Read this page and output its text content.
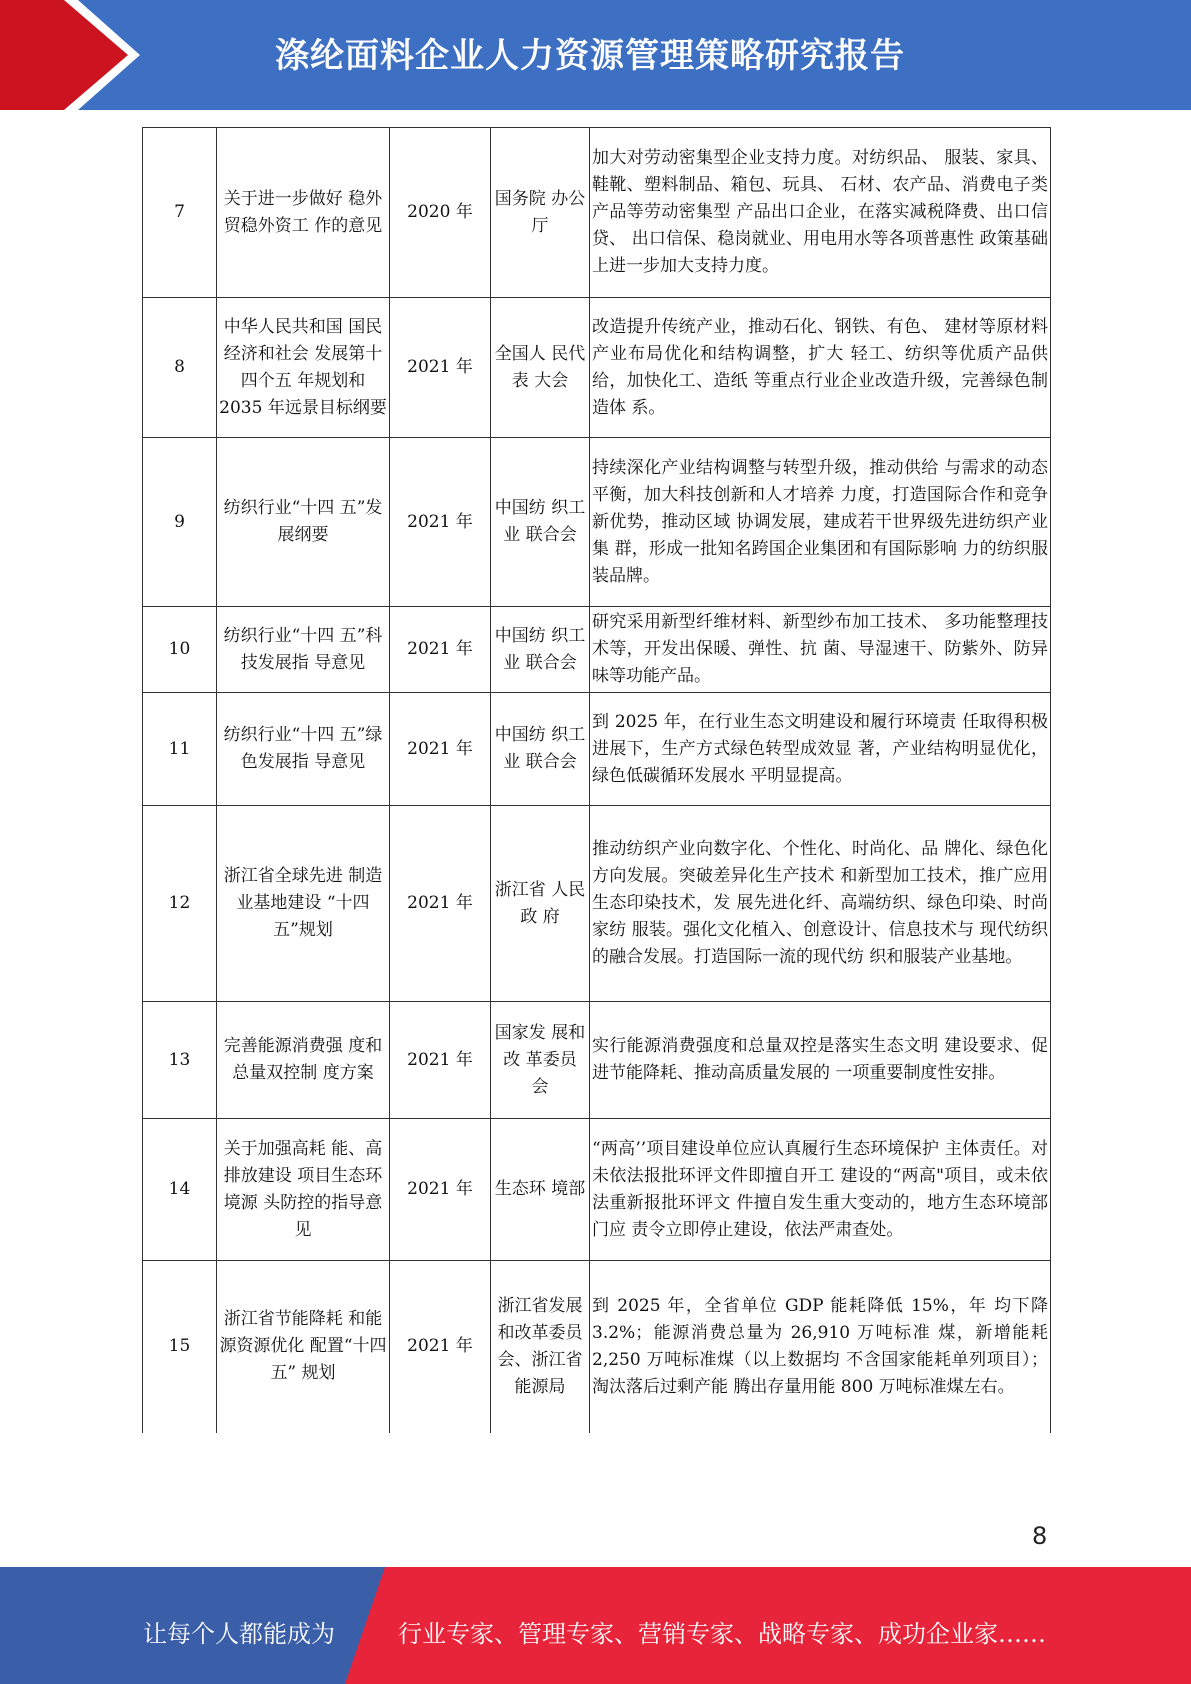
涤纶面料企业人力资源管理策略研究报告
7	关于进一步做好 稳外贸稳外资工 作的意见	2020 年	国务院 办公厅	加大对劳动密集型企业支持力度。对纺织品、 服装、家具、鞋靴、塑料制品、箱包、玩具、 石材、农产品、消费电子类产品等劳动密集型 产品出口企业，在落实减税降费、出口信贷、 出口信保、稳岗就业、用电用水等各项普惠性 政策基础上进一步加大支持力度。
8	中华人民共和国 国民经济和社会 发展第十四个五 年规划和 2035 年远景目标纲要	2021 年	全国人 民代表 大会	改造提升传统产业，推动石化、钢铁、有色、 建材等原材料产业布局优化和结构调整，扩大 轻工、纺织等优质产品供给，加快化工、造纸 等重点行业企业改造升级，完善绿色制造体 系。
9	纺织行业“十四 五”发展纲要	2021 年	中国纺 织工业 联合会	持续深化产业结构调整与转型升级，推动供给 与需求的动态平衡，加大科技创新和人才培养 力度，打造国际合作和竞争新优势，推动区域 协调发展，建成若干世界级先进纺织产业集 群，形成一批知名跨国企业集团和有国际影响 力的纺织服装品牌。
10	纺织行业“十四 五”科技发展指 导意见	2021 年	中国纺 织工业 联合会	研究采用新型纤维材料、新型纱布加工技术、 多功能整理技术等，开发出保暖、弹性、抗 菌、导湿速干、防紫外、防异味等功能产品。
11	纺织行业“十四 五”绿色发展指 导意见	2021 年	中国纺 织工业 联合会	到 2025 年，在行业生态文明建设和履行环境责 任取得积极进展下，生产方式绿色转型成效显 著，产业结构明显优化，绿色低碳循环发展水 平明显提高。
12	浙江省全球先进 制造业基地建设 “十四五”规划	2021 年	浙江省 人民政 府	推动纺织产业向数字化、个性化、时尚化、品 牌化、绿色化方向发展。突破差异化生产技术 和新型加工技术，推广应用生态印染技术，发 展先进化纤、高端纺织、绿色印染、时尚家纺 服装。强化文化植入、创意设计、信息技术与 现代纺织的融合发展。打造国际一流的现代纺 织和服装产业基地。
13	完善能源消费强 度和总量双控制 度方案	2021 年	国家发 展和改 革委员 会	实行能源消费强度和总量双控是落实生态文明 建设要求、促进节能降耗、推动高质量发展的 一项重要制度性安排。
14	关于加强高耗 能、高排放建设 项目生态环境源 头防控的指导意 见	2021 年	生态环 境部	“两高’’项目建设单位应认真履行生态环境保护 主体责任。对未依法报批环评文件即擅自开工 建设的“两高"项目，或未依法重新报批环评文 件擅自发生重大变动的，地方生态环境部门应 责令立即停止建设，依法严肃查处。
15	浙江省节能降耗 和能源资源优化 配置“十四五” 规划	2021 年	浙江省发展和改革委员会、浙江省能源局	到 2025 年，全省单位 GDP 能耗降低 15%，年 均下降 3.2%；能源消费总量为 26,910 万吨标准 煤，新增能耗 2,250 万吨标准煤（以上数据均 不含国家能耗单列项目）；淘汰落后过剩产能 腾出存量用能 800 万吨标准煤左右。
8
让每个人都能成为	行业专家、管理专家、营销专家、战略专家、成功企业家……
